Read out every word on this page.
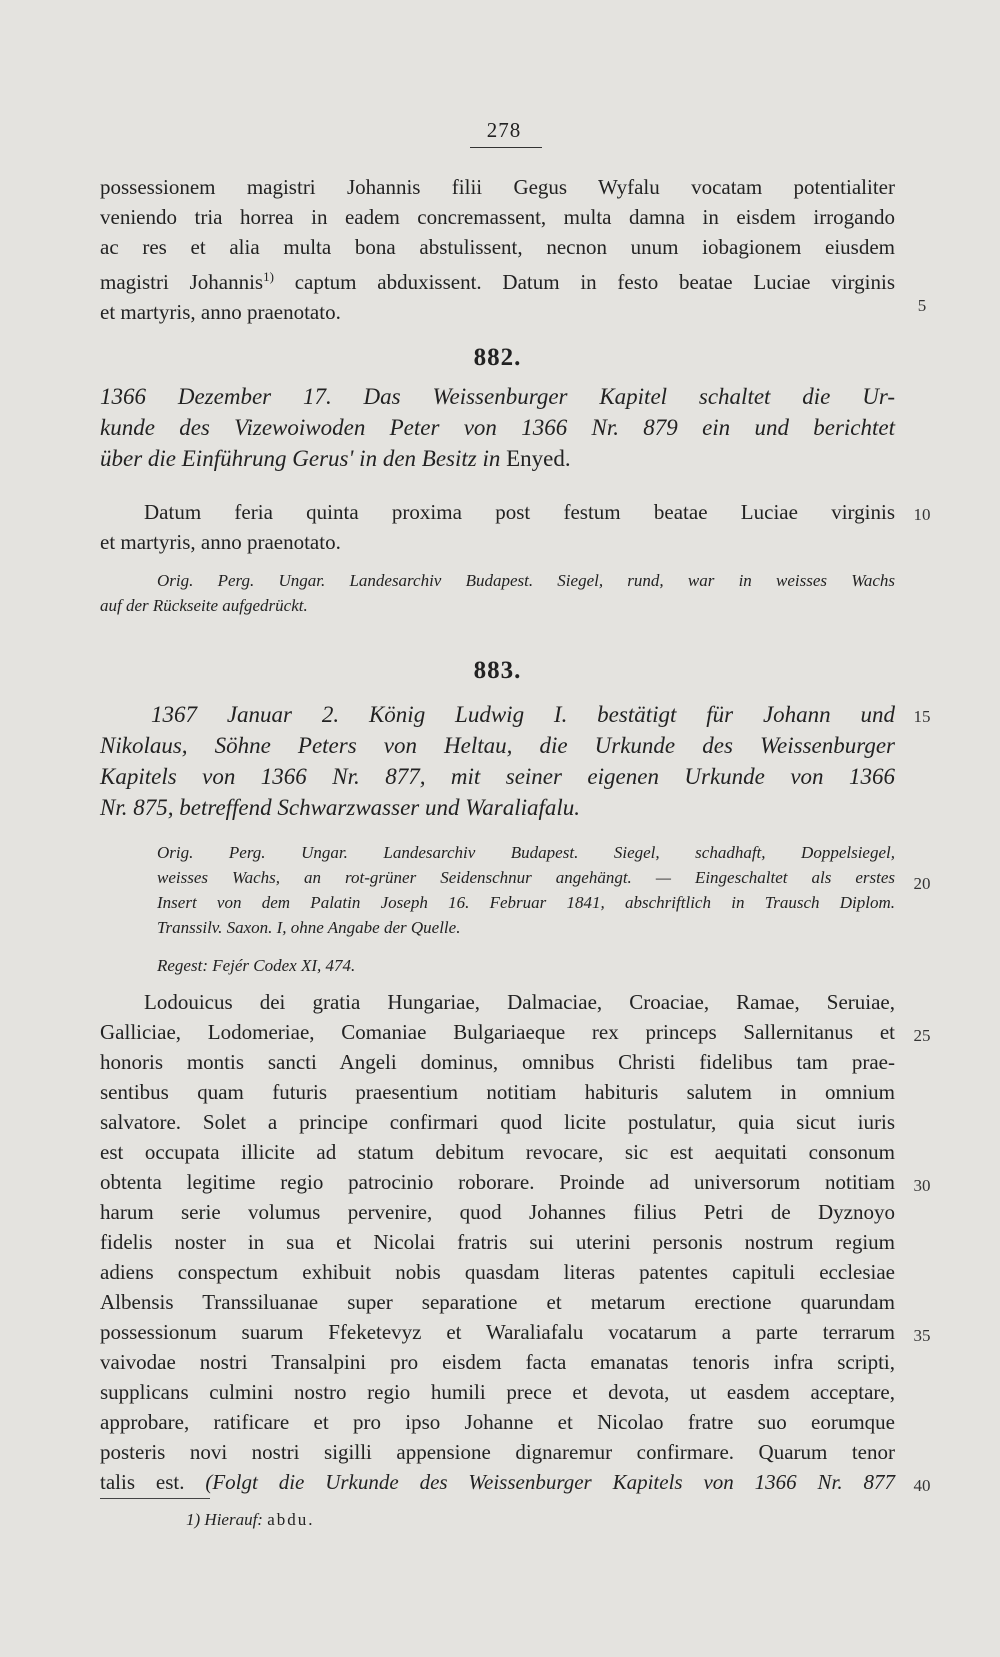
278
possessionem magistri Johannis filii Gegus Wyfalu vocatam potentialiter
veniendo tria horrea in eadem concremassent, multa damna in eisdem irrogando
ac res et alia multa bona abstulissent, necnon unum iobagionem eiusdem
magistri Johannis$^{1)}$ captum abduxissent. Datum in festo beatae Luciae virginis
et martyris, anno praenotato.
882.
1366 Dezember 17. Das Weissenburger Kapitel schaltet die Ur-
kunde des Vizewoiwoden Peter von 1366 Nr. 879 ein und berichtet
über die Einführung Gerus' in den Besitz in Enyed.
Datum feria quinta proxima post festum beatae Luciae virginis
et martyris, anno praenotato.
Orig. Perg. Ungar. Landesarchiv Budapest. Siegel, rund, war in weisses Wachs
auf der Rückseite aufgedrückt.
883.
1367 Januar 2. König Ludwig I. bestätigt für Johann und
Nikolaus, Söhne Peters von Heltau, die Urkunde des Weissenburger
Kapitels von 1366 Nr. 877, mit seiner eigenen Urkunde von 1366
Nr. 875, betreffend Schwarzwasser und Waraliafalu.
Orig. Perg. Ungar. Landesarchiv Budapest. Siegel, schadhaft, Doppelsiegel,
weisses Wachs, an rot-grüner Seidenschnur angehängt. — Eingeschaltet als erstes
Insert von dem Palatin Joseph 16. Februar 1841, abschriftlich in Trausch Diplom.
Transsilv. Saxon. I, ohne Angabe der Quelle.
Regest: Fejér Codex XI, 474.
Lodouicus dei gratia Hungariae, Dalmaciae, Croaciae, Ramae, Seruiae,
Galliciae, Lodomeriae, Comaniae Bulgariaeque rex princeps Sallernitanus et
honoris montis sancti Angeli dominus, omnibus Christi fidelibus tam prae-
sentibus quam futuris praesentium notitiam habituris salutem in omnium
salvatore. Solet a principe confirmari quod licite postulatur, quia sicut iuris
est occupata illicite ad statum debitum revocare, sic est aequitati consonum
obtenta legitime regio patrocinio roborare. Proinde ad universorum notitiam
harum serie volumus pervenire, quod Johannes filius Petri de Dyznoyo
fidelis noster in sua et Nicolai fratris sui uterini personis nostrum regium
adiens conspectum exhibuit nobis quasdam literas patentes capituli ecclesiae
Albensis Transsiluanae super separatione et metarum erectione quarundam
possessionum suarum Ffeketevyz et Waraliafalu vocatarum a parte terrarum
vaivodae nostri Transalpini pro eisdem facta emanatas tenoris infra scripti,
supplicans culmini nostro regio humili prece et devota, ut easdem acceptare,
approbare, ratificare et pro ipso Johanne et Nicolao fratre suo eorumque
posteris novi nostri sigilli appensione dignaremur confirmare. Quarum tenor
talis est. (Folgt die Urkunde des Weissenburger Kapitels von 1366 Nr. 877
5
10
15
20
25
30
35
40
1) Hierauf: abdu.
